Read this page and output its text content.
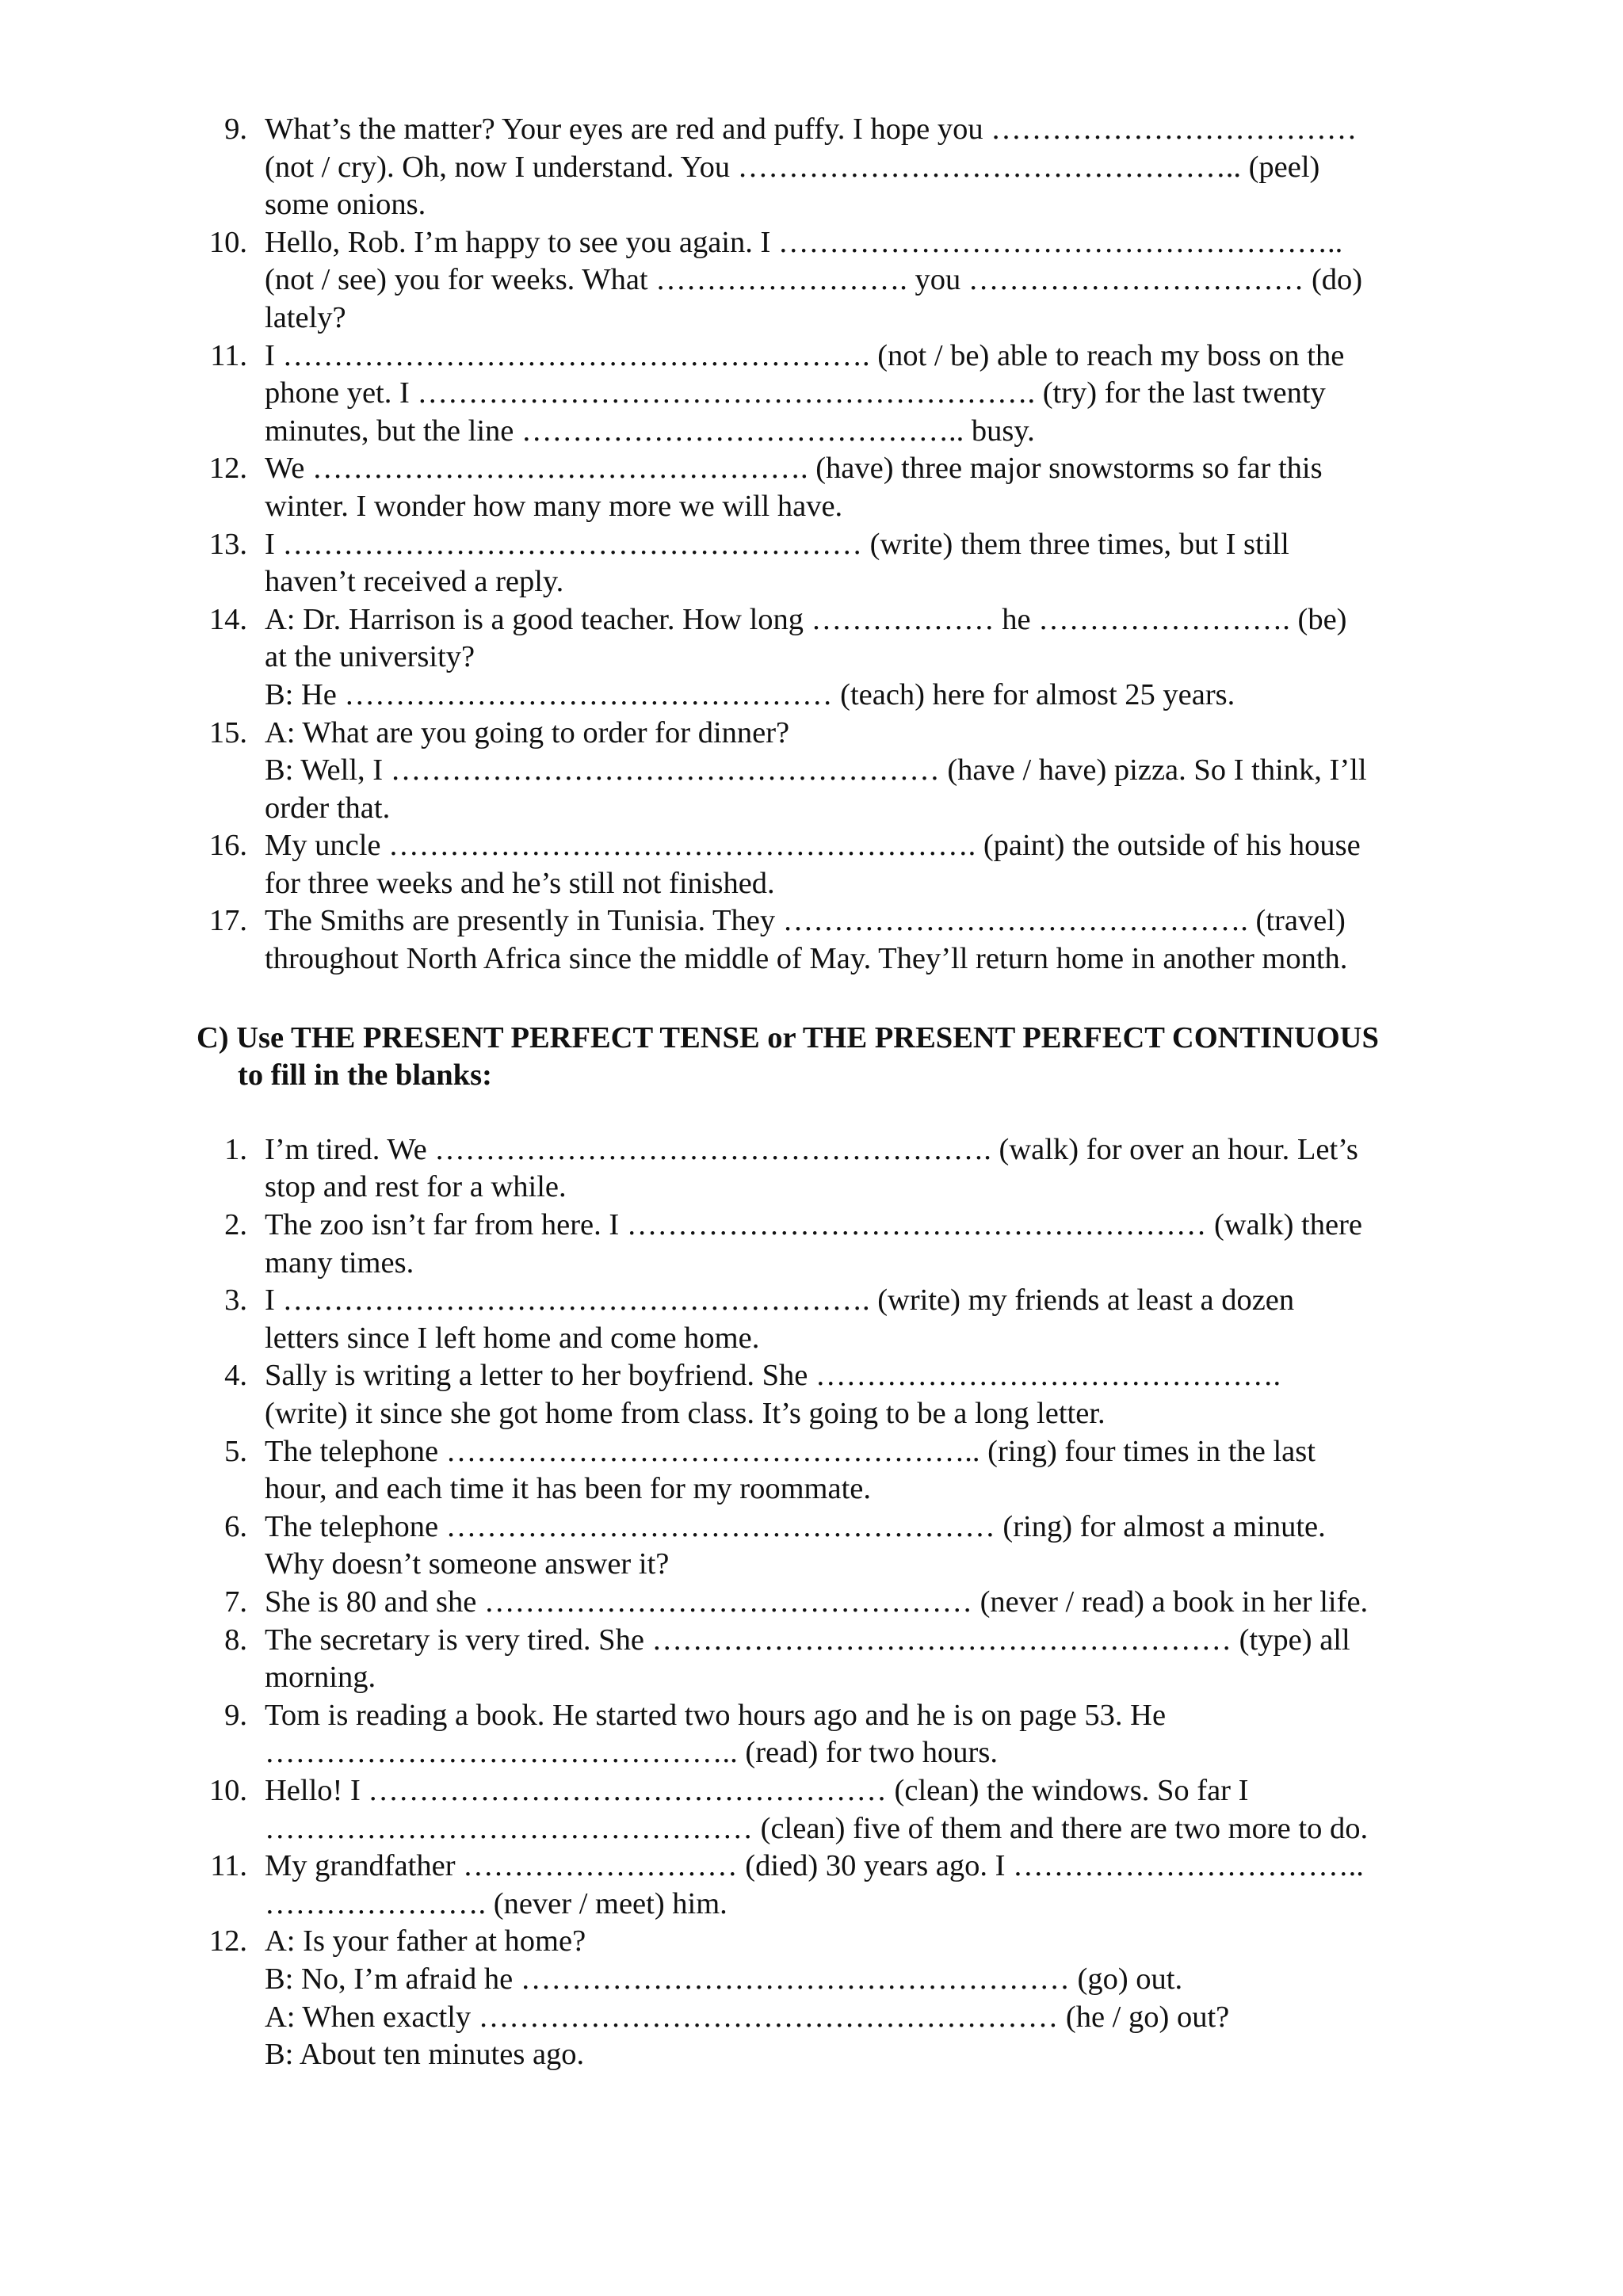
9. What’s the matter? Your eyes are red and puffy. I hope you ………………………………
(not / cry). Oh, now I understand. You ………………………………………….. (peel)
some onions.
10. Hello, Rob. I’m happy to see you again. I ………………………………………………..
(not / see) you for weeks. What ……………………. you …………………………… (do)
lately?
11. I …………………………………………………. (not / be) able to reach my boss on the
phone yet. I ……………………………………………………. (try) for the last twenty
minutes, but the line …………………………………….. busy.
12. We …………………………………………. (have) three major snowstorms so far this
winter. I wonder how many more we will have.
13. I ………………………………………………… (write) them three times, but I still
haven’t received a reply.
14. A: Dr. Harrison is a good teacher. How long ……………… he ……………………. (be)
at the university?
B: He ………………………………………… (teach) here for almost 25 years.
15. A: What are you going to order for dinner?
B: Well, I ……………………………………………… (have / have) pizza. So I think, I’ll
order that.
16. My uncle …………………………………………………. (paint) the outside of his house
for three weeks and he’s still not finished.
17. The Smiths are presently in Tunisia. They ………………………………………. (travel)
throughout North Africa since the middle of May. They’ll return home in another month.
C) Use THE PRESENT PERFECT TENSE or THE PRESENT PERFECT CONTINUOUS
to fill in the blanks:
1. I’m tired. We ………………………………………………. (walk) for over an hour. Let’s
stop and rest for a while.
2. The zoo isn’t far from here. I ………………………………………………… (walk) there
many times.
3. I …………………………………………………. (write) my friends at least a dozen
letters since I left home and come home.
4. Sally is writing a letter to her boyfriend. She ……………………………………….
(write) it since she got home from class. It’s going to be a long letter.
5. The telephone …………………………………………….. (ring) four times in the last
hour, and each time it has been for my roommate.
6. The telephone ……………………………………………… (ring) for almost a minute.
Why doesn’t someone answer it?
7. She is 80 and she ………………………………………… (never / read) a book in her life.
8. The secretary is very tired. She ………………………………………………… (type) all
morning.
9. Tom is reading a book. He started two hours ago and he is on page 53. He
……………………………………….. (read) for two hours.
10. Hello! I …………………………………………… (clean) the windows. So far I
………………………………………… (clean) five of them and there are two more to do.
11. My grandfather ……………………… (died) 30 years ago. I ……………………………..
…………………. (never / meet) him.
12. A: Is your father at home?
B: No, I’m afraid he ……………………………………………… (go) out.
A: When exactly ………………………………………………… (he / go) out?
B: About ten minutes ago.
